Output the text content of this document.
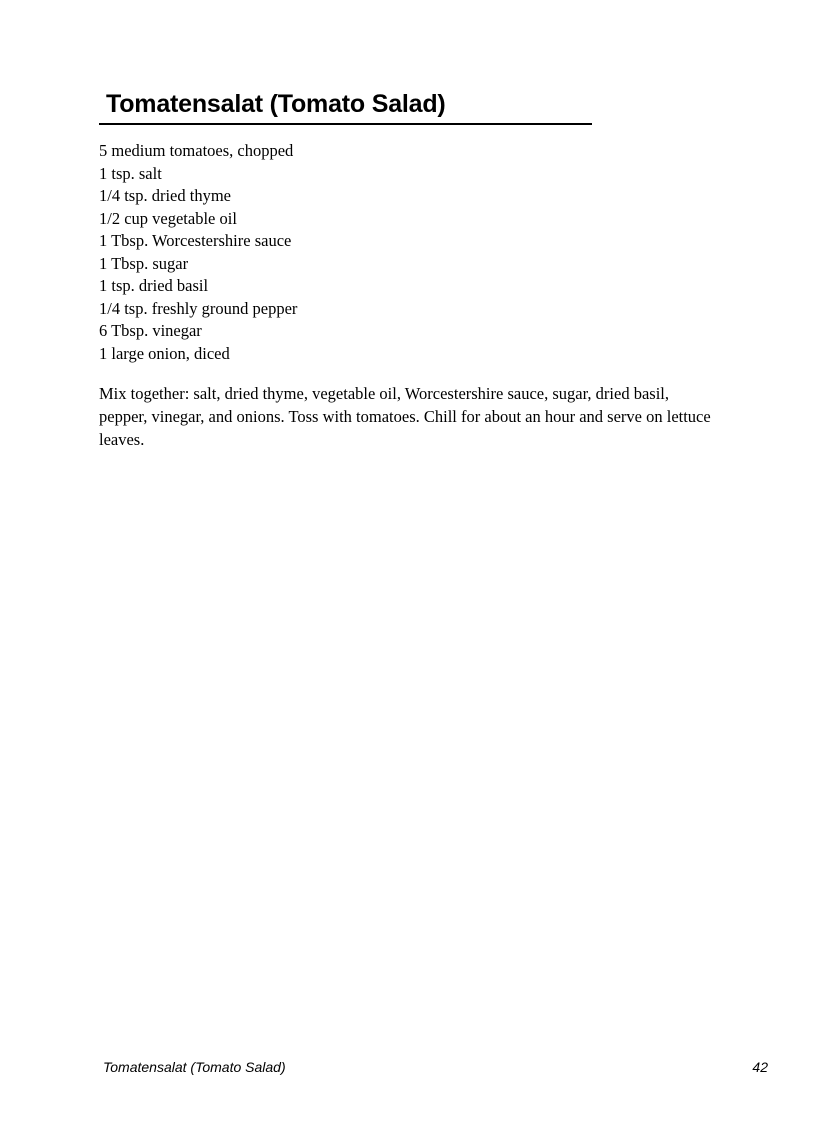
Tomatensalat (Tomato Salad)
5 medium tomatoes, chopped
1 tsp. salt
1/4 tsp. dried thyme
1/2 cup vegetable oil
1 Tbsp. Worcestershire sauce
1 Tbsp. sugar
1 tsp. dried basil
1/4 tsp. freshly ground pepper
6 Tbsp. vinegar
1 large onion, diced

Mix together: salt, dried thyme, vegetable oil, Worcestershire sauce, sugar, dried basil, pepper, vinegar, and onions. Toss with tomatoes. Chill for about an hour and serve on lettuce leaves.

Tomatensalat (Tomato Salad)	42
